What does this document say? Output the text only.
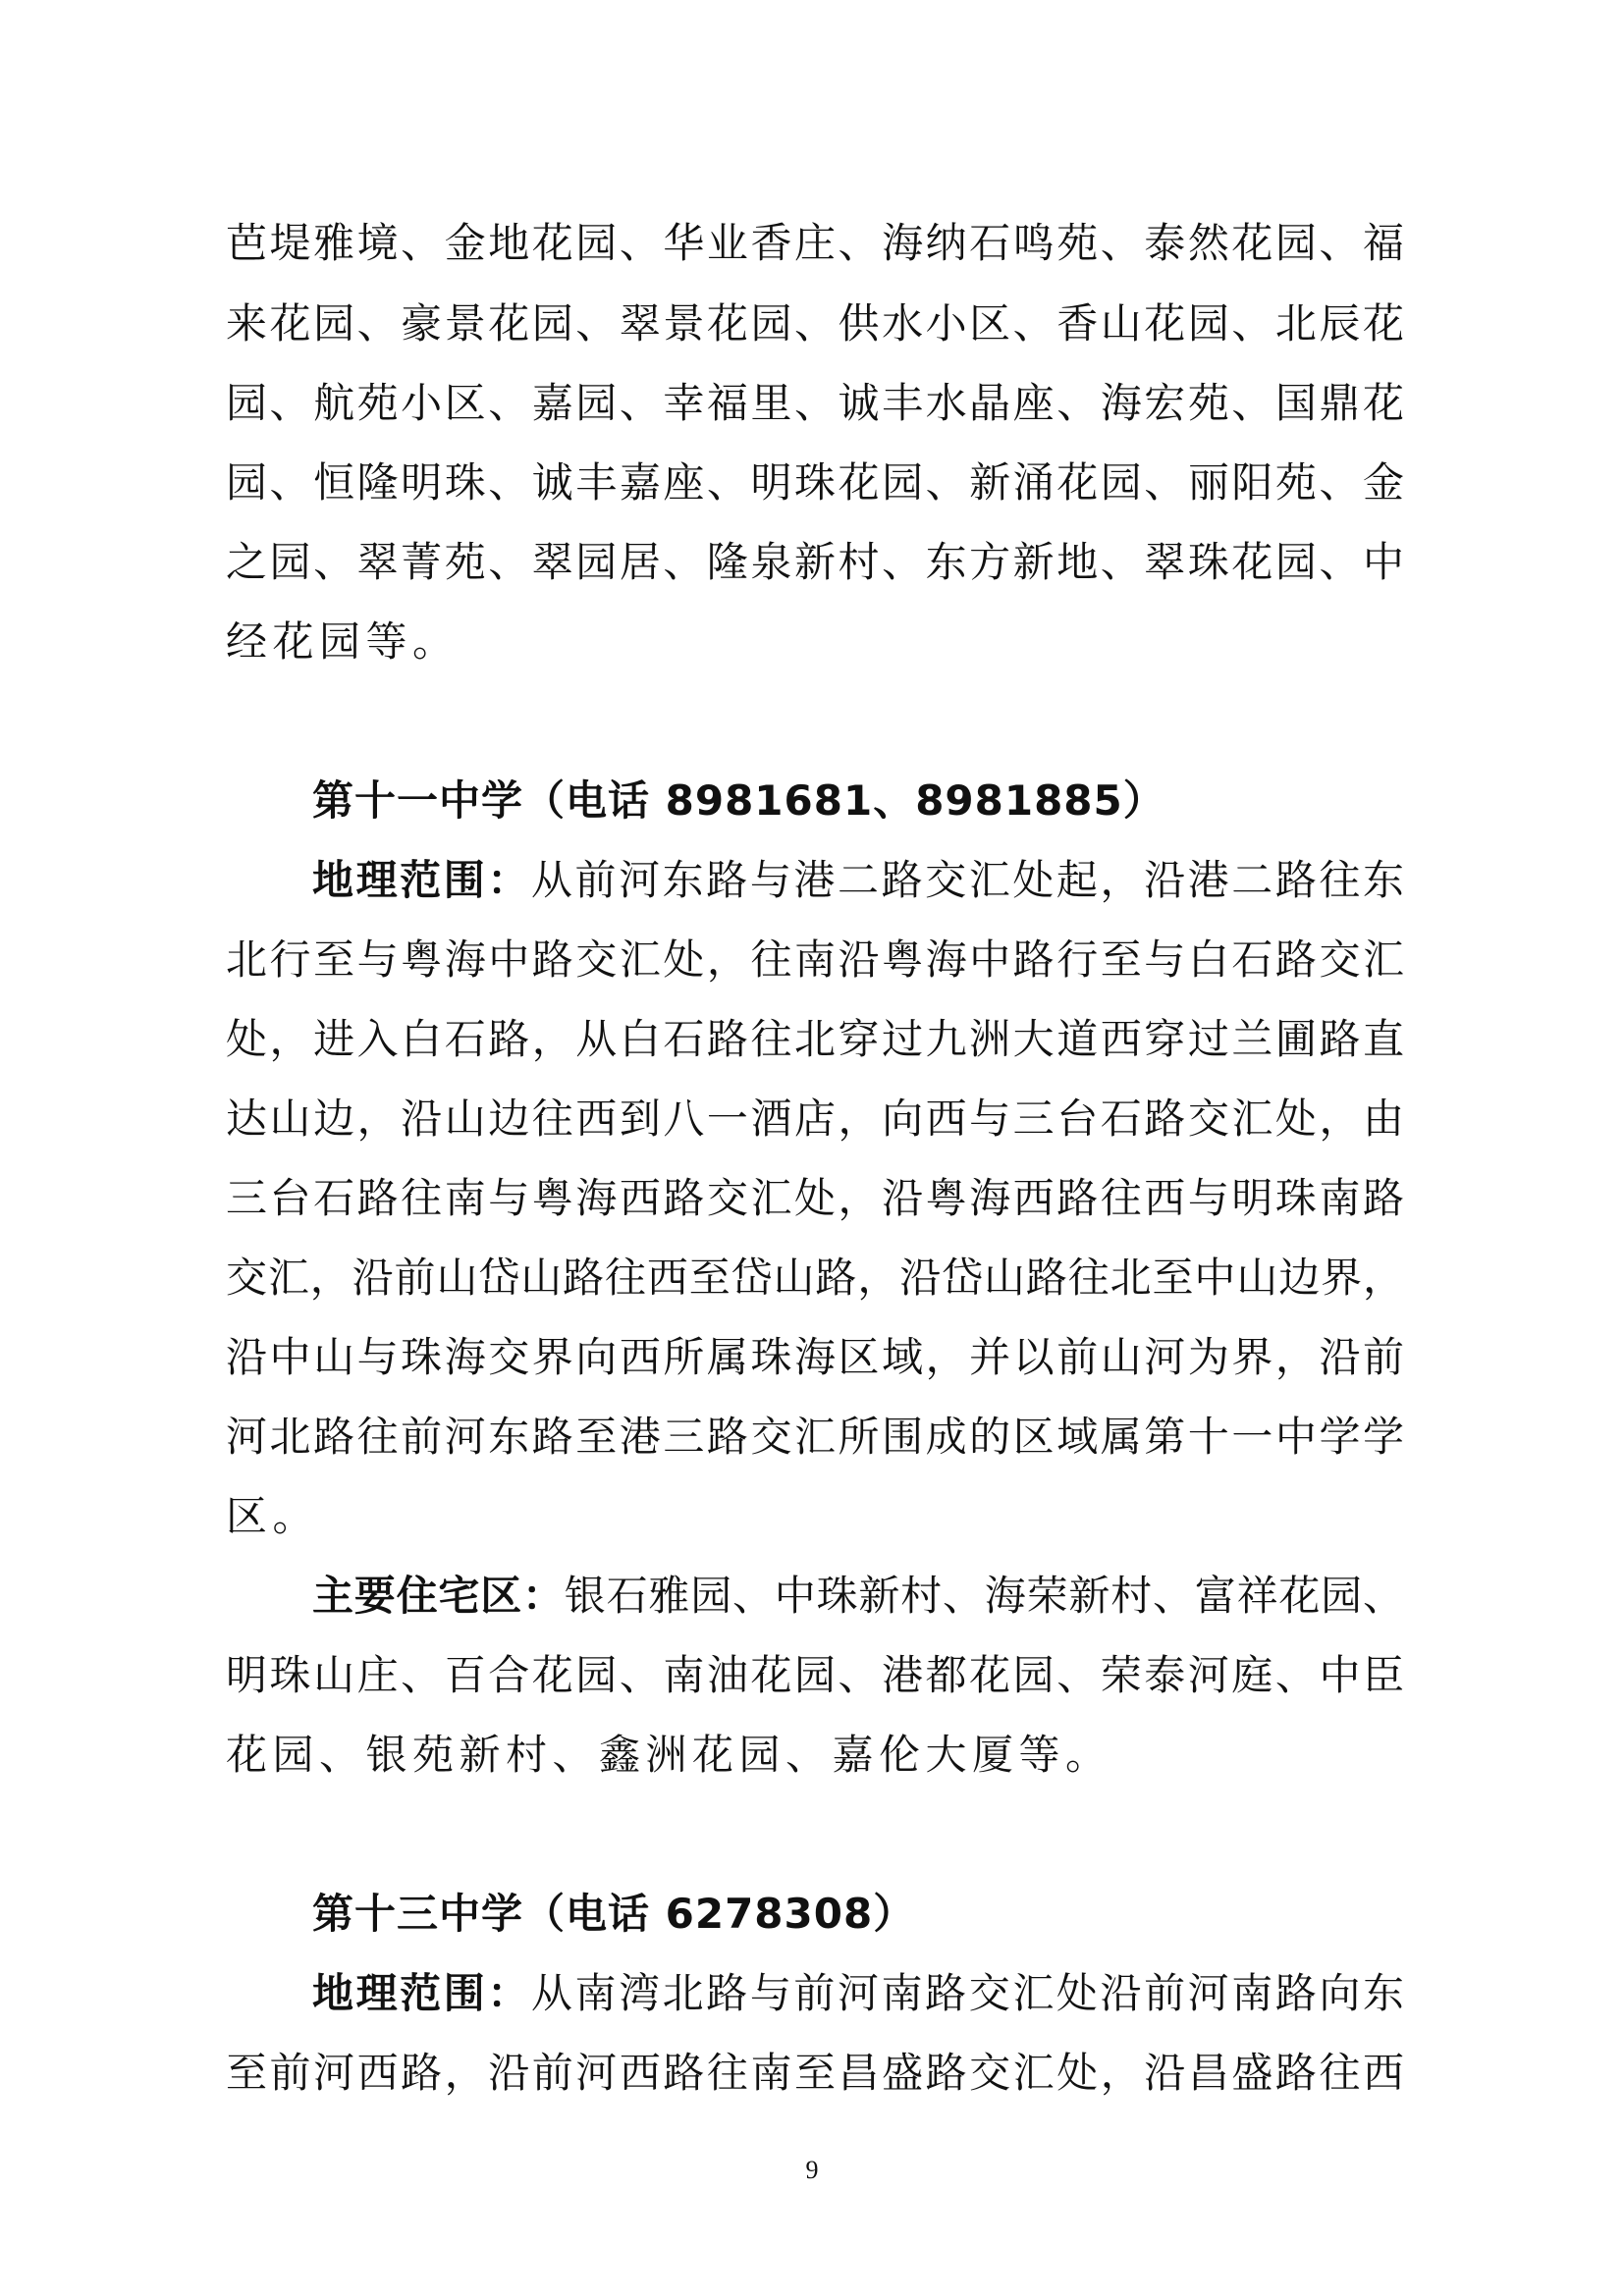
芭堤雅境、金地花园、华业香庄、海纳石鸣苑、泰然花园、福
来花园、豪景花园、翠景花园、供水小区、香山花园、北辰花
园、航苑小区、嘉园、幸福里、诚丰水晶座、海宏苑、国鼎花
园、恒隆明珠、诚丰嘉座、明珠花园、新涌花园、丽阳苑、金
之园、翠菁苑、翠园居、隆泉新村、东方新地、翠珠花园、中
经花园等。
第十一中学（电话 8981681、8981885）
地理范围：从前河东路与港二路交汇处起，沿港二路往东
北行至与粤海中路交汇处，往南沿粤海中路行至与白石路交汇
处，进入白石路，从白石路往北穿过九洲大道西穿过兰圃路直
达山边，沿山边往西到八一酒店，向西与三台石路交汇处，由
三台石路往南与粤海西路交汇处，沿粤海西路往西与明珠南路
交汇，沿前山岱山路往西至岱山路，沿岱山路往北至中山边界，
沿中山与珠海交界向西所属珠海区域，并以前山河为界，沿前
河北路往前河东路至港三路交汇所围成的区域属第十一中学学
区。
主要住宅区：银石雅园、中珠新村、海荣新村、富祥花园、
明珠山庄、百合花园、南油花园、港都花园、荣泰河庭、中臣
花园、银苑新村、鑫洲花园、嘉伦大厦等。
第十三中学（电话 6278308）
地理范围：从南湾北路与前河南路交汇处沿前河南路向东
至前河西路，沿前河西路往南至昌盛路交汇处，沿昌盛路往西
9
